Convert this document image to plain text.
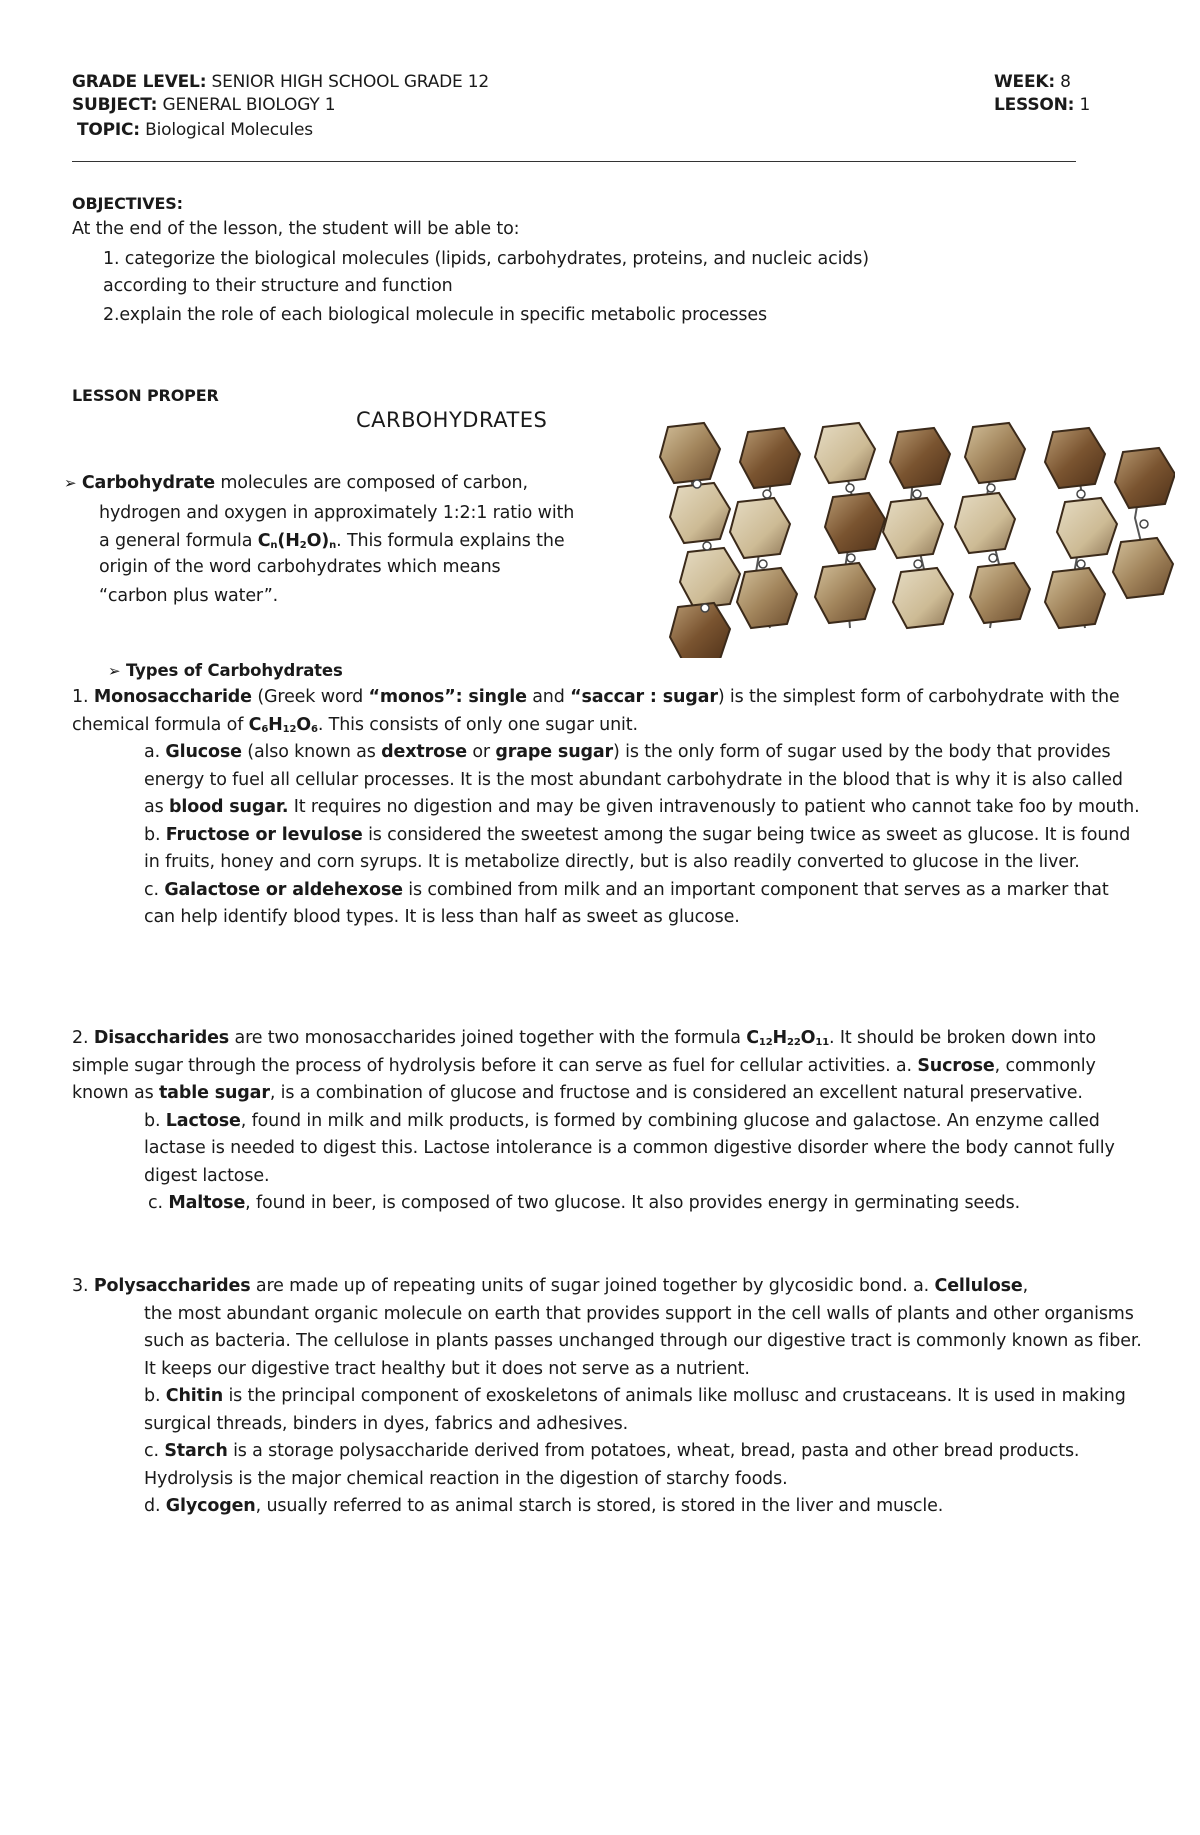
GRADE LEVEL: SENIOR HIGH SCHOOL GRADE 12
SUBJECT: GENERAL BIOLOGY 1
TOPIC: Biological Molecules
WEEK: 8
LESSON: 1
OBJECTIVES:
At the end of the lesson, the student will be able to:
1. categorize the biological molecules (lipids, carbohydrates, proteins, and nucleic acids)
according to their structure and function
2.explain the role of each biological molecule in specific metabolic processes
LESSON PROPER
CARBOHYDRATES
➢ Carbohydrate molecules are composed of carbon,
hydrogen and oxygen in approximately 1:2:1 ratio with
a general formula $C_n(H_2O)_n$. This formula explains the
origin of the word carbohydrates which means
“carbon plus water”.
➢ Types of Carbohydrates

1. Monosaccharide (Greek word “monos”: single and “saccar : sugar) is the simplest form of carbohydrate with the chemical formula of $C_6H_{12}O_6$. This consists of only one sugar unit.

a. Glucose (also known as dextrose or grape sugar) is the only form of sugar used by the body that provides energy to fuel all cellular processes. It is the most abundant carbohydrate in the blood that is why it is also called as blood sugar. It requires no digestion and may be given intravenously to patient who cannot take foo by mouth.

b. Fructose or levulose is considered the sweetest among the sugar being twice as sweet as glucose. It is found in fruits, honey and corn syrups. It is metabolize directly, but is also readily converted to glucose in the liver.

c. Galactose or aldehexose is combined from milk and an important component that serves as a marker that can help identify blood types. It is less than half as sweet as glucose.

2. Disaccharides are two monosaccharides joined together with the formula $C_{12}H_{22}O_{11}$. It should be broken down into simple sugar through the process of hydrolysis before it can serve as fuel for cellular activities. a. Sucrose, commonly known as table sugar, is a combination of glucose and fructose and is considered an excellent natural preservative.

b. Lactose, found in milk and milk products, is formed by combining glucose and galactose. An enzyme called lactase is needed to digest this. Lactose intolerance is a common digestive disorder where the body cannot fully digest lactose.

c. Maltose, found in beer, is composed of two glucose. It also provides energy in germinating seeds.

3. Polysaccharides are made up of repeating units of sugar joined together by glycosidic bond. a. Cellulose,

the most abundant organic molecule on earth that provides support in the cell walls of plants and other organisms such as bacteria. The cellulose in plants passes unchanged through our digestive tract is commonly known as fiber. It keeps our digestive tract healthy but it does not serve as a nutrient.

b. Chitin is the principal component of exoskeletons of animals like mollusc and crustaceans. It is used in making surgical threads, binders in dyes, fabrics and adhesives.

c. Starch is a storage polysaccharide derived from potatoes, wheat, bread, pasta and other bread products. Hydrolysis is the major chemical reaction in the digestion of starchy foods.

d. Glycogen, usually referred to as animal starch is stored, is stored in the liver and muscle.
